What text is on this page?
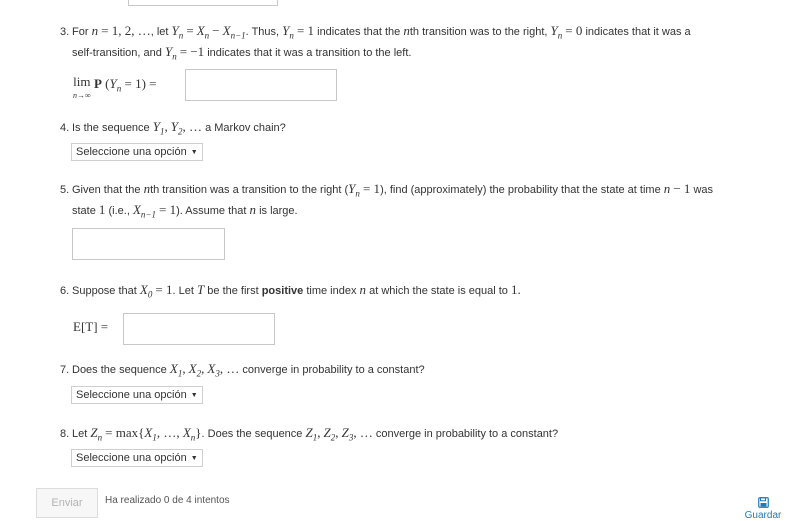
3. For n = 1, 2, …, let $Y_n = X_n - X_{n-1}$. Thus, $Y_n = 1$ indicates that the nth transition was to the right, $Y_n = 0$ indicates that it was a
self-transition, and $Y_n = -1$ indicates that it was a transition to the left.
lim
n→∞ P $(Y_n = 1)$ =
4. Is the sequence $Y_1$, $Y_2$, … a Markov chain?
Seleccione una opción ▼
5. Given that the nth transition was a transition to the right $(Y_n = 1)$, find (approximately) the probability that the state at time n − 1 was
state 1 (i.e., $X_{n-1} = 1$). Assume that n is large.
6. Suppose that $X_0 = 1$. Let T be the first positive time index n at which the state is equal to 1.
E[T] =
7. Does the sequence $X_1$, $X_2$, $X_3$, … converge in probability to a constant?
Seleccione una opción ▼
8. Let $Z_n = \max\{X_1$, …, $X_n$}. Does the sequence $Z_1$, $Z_2$, $Z_3$, … converge in probability to a constant?
Seleccione una opción ▼
Enviar	Ha realizado 0 de 4 intentos
Guardar
